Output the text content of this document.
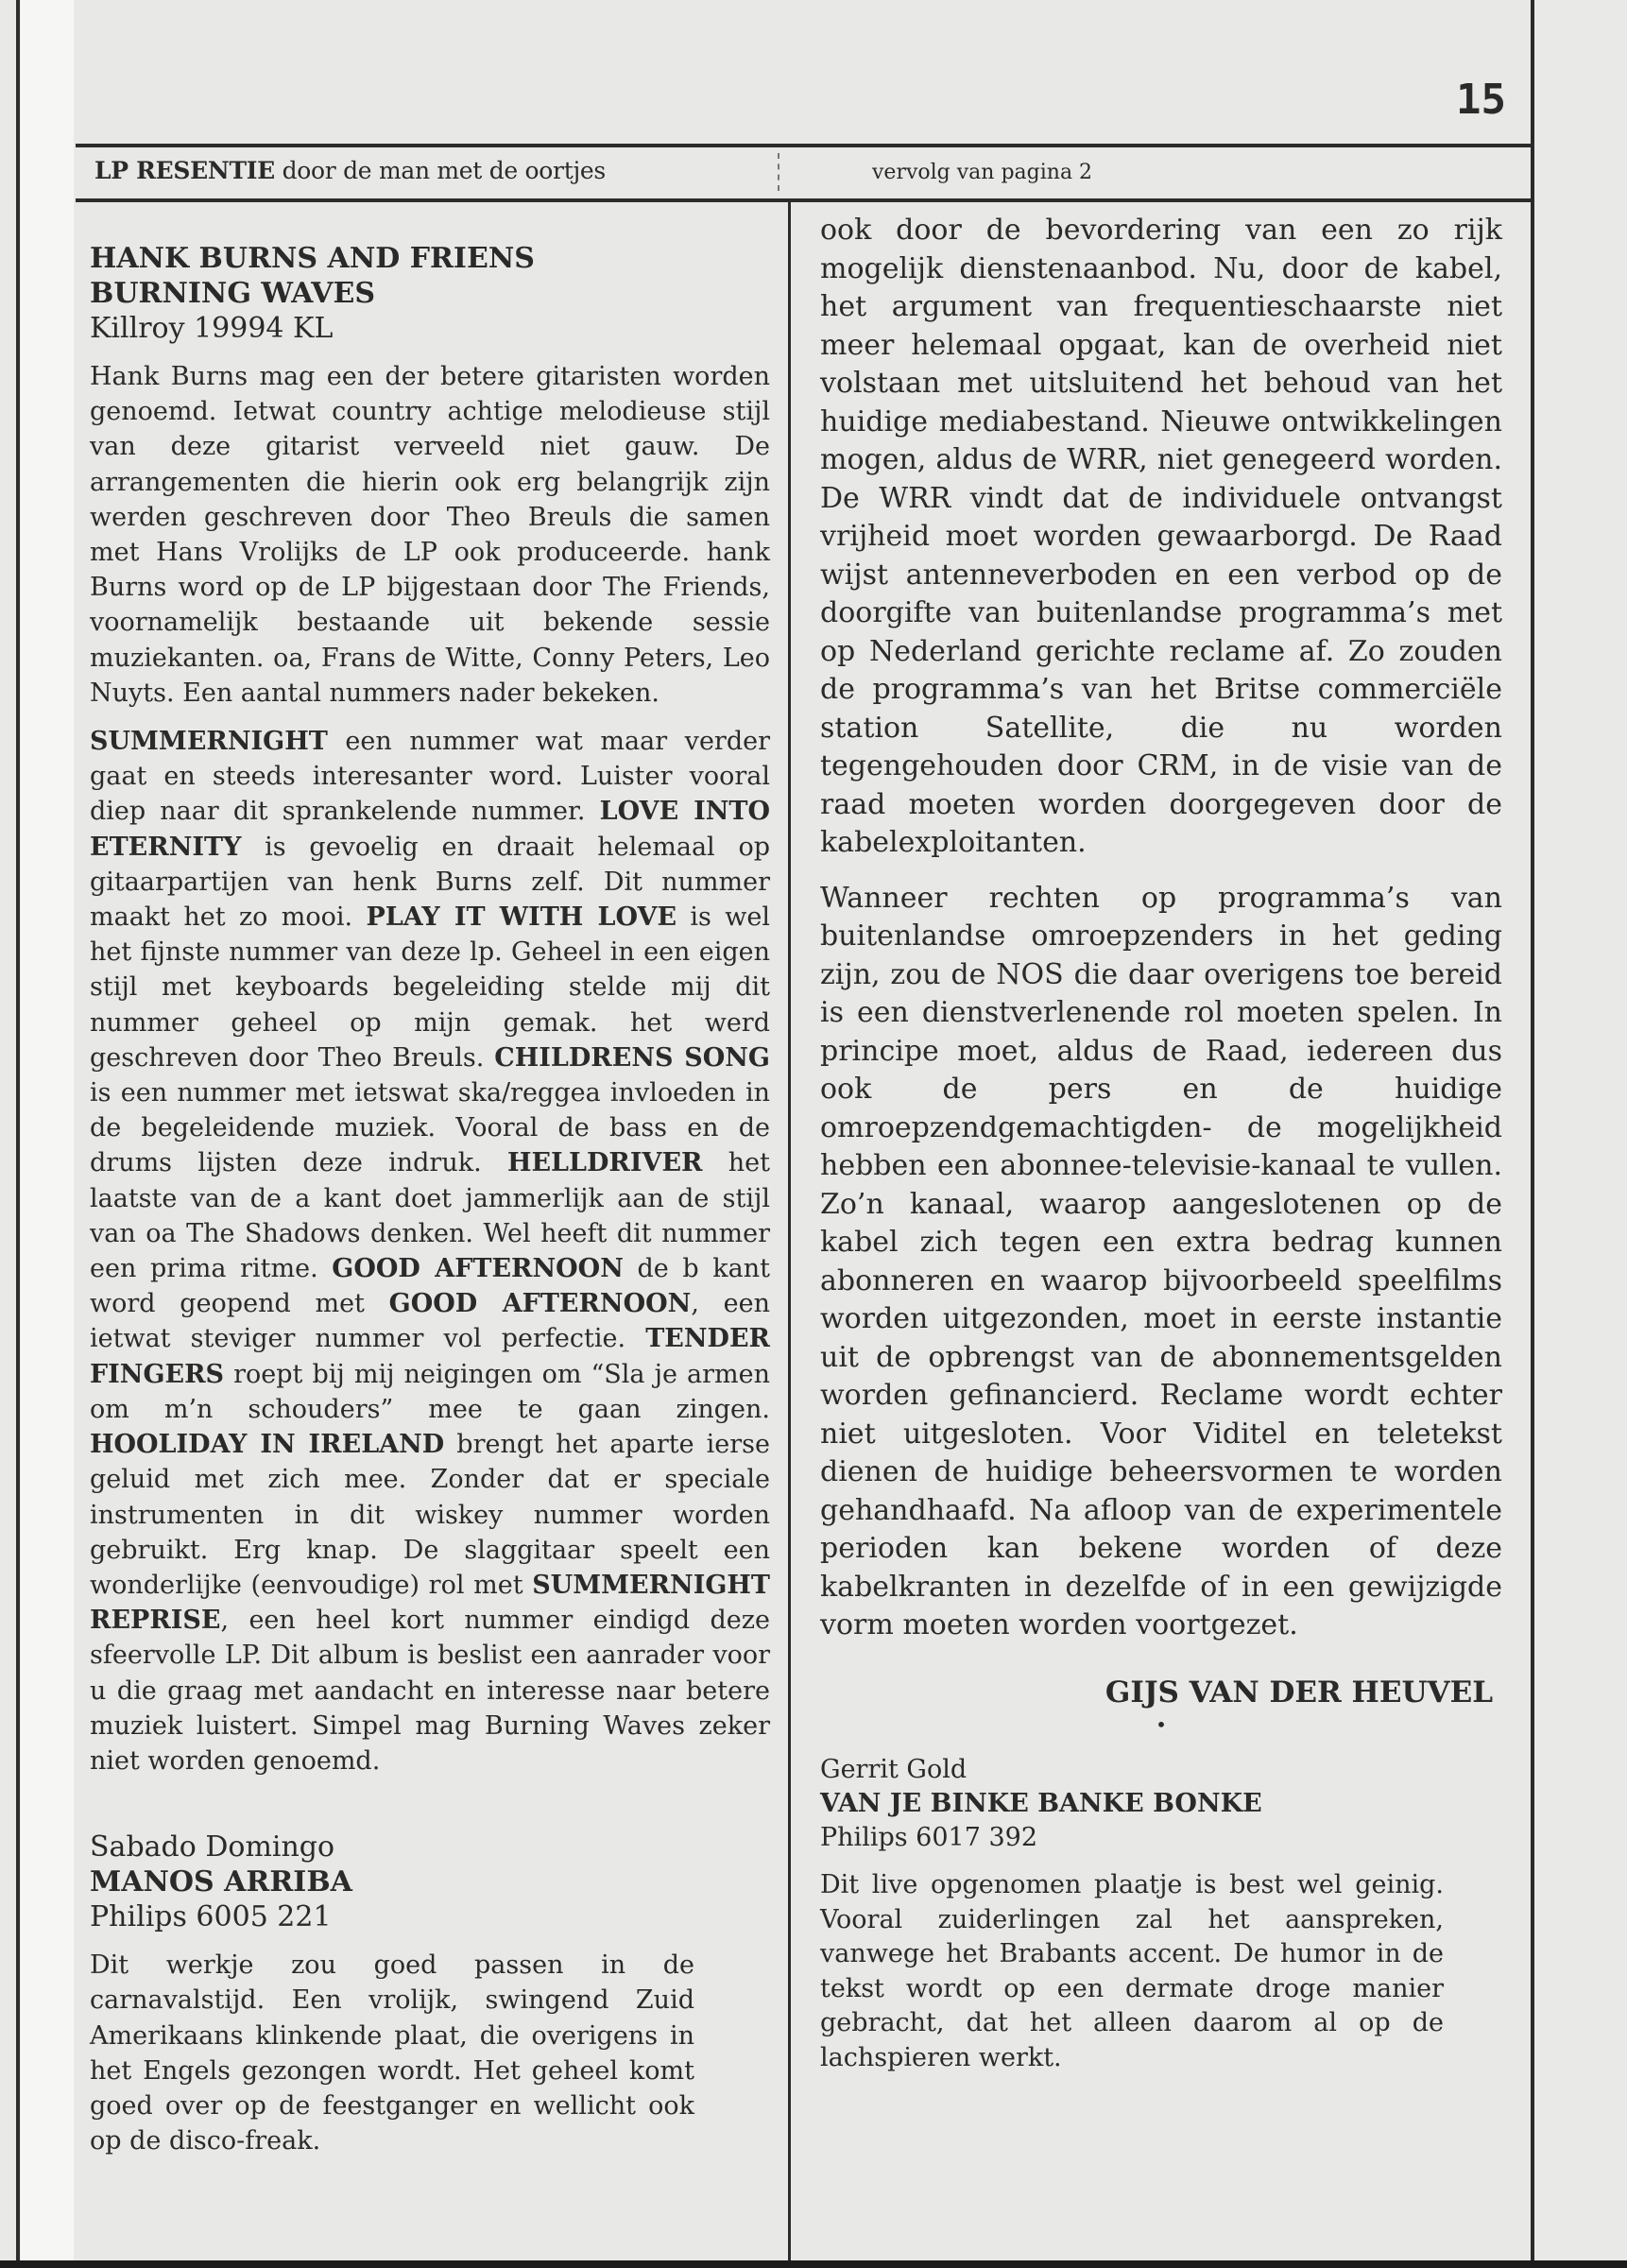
15
LP RESENTIE door de man met de oortjes	vervolg van pagina 2
HANK BURNS AND FRIENS
BURNING WAVES
Killroy 19994 KL

Hank Burns mag een der betere gitaristen worden genoemd. Ietwat country achtige melodieuse stijl van deze gitarist verveeld niet gauw. De arrangementen die hierin ook erg belangrijk zijn werden geschreven door Theo Breuls die samen met Hans Vrolijks de LP ook produceerde. hank Burns word op de LP bijgestaan door The Friends, voornamelijk bestaande uit bekende sessie muziekanten. oa, Frans de Witte, Conny Peters, Leo Nuyts. Een aantal nummers nader bekeken.

SUMMERNIGHT een nummer wat maar verder gaat en steeds interesanter word. Luister vooral diep naar dit sprankelende nummer. LOVE INTO ETERNITY is gevoelig en draait helemaal op gitaarpartijen van henk Burns zelf. Dit nummer maakt het zo mooi. PLAY IT WITH LOVE is wel het fijnste nummer van deze lp. Geheel in een eigen stijl met keyboards begeleiding stelde mij dit nummer geheel op mijn gemak. het werd geschreven door Theo Breuls. CHILDRENS SONG is een nummer met ietswat ska/reggea invloeden in de begeleidende muziek. Vooral de bass en de drums lijsten deze indruk. HELLDRIVER het laatste van de a kant doet jammerlijk aan de stijl van oa The Shadows denken. Wel heeft dit nummer een prima ritme. GOOD AFTERNOON de b kant word geopend met GOOD AFTERNOON, een ietwat steviger nummer vol perfectie. TENDER FINGERS roept bij mij neigingen om “Sla je armen om m’n schouders” mee te gaan zingen. HOOLIDAY IN IRELAND brengt het aparte ierse geluid met zich mee. Zonder dat er speciale instrumenten in dit wiskey nummer worden gebruikt. Erg knap. De slaggitaar speelt een wonderlijke (eenvoudige) rol met SUMMERNIGHT REPRISE, een heel kort nummer eindigd deze sfeervolle LP. Dit album is beslist een aanrader voor u die graag met aandacht en interesse naar betere muziek luistert. Simpel mag Burning Waves zeker niet worden genoemd.

Sabado Domingo
MANOS ARRIBA
Philips 6005 221

Dit werkje zou goed passen in de carnavalstijd. Een vrolijk, swingend Zuid Amerikaans klinkende plaat, die overigens in het Engels gezongen wordt. Het geheel komt goed over op de feestganger en wellicht ook op de disco-freak.

ook door de bevordering van een zo rijk mogelijk dienstenaanbod. Nu, door de kabel, het argument van frequentieschaarste niet meer helemaal opgaat, kan de overheid niet volstaan met uitsluitend het behoud van het huidige mediabestand. Nieuwe ontwikkelingen mogen, aldus de WRR, niet genegeerd worden. De WRR vindt dat de individuele ontvangst vrijheid moet worden gewaarborgd. De Raad wijst antenneverboden en een verbod op de doorgifte van buitenlandse programma’s met op Nederland gerichte reclame af. Zo zouden de programma’s van het Britse commerciële station Satellite, die nu worden tegengehouden door CRM, in de visie van de raad moeten worden doorgegeven door de kabelexploitanten.

Wanneer rechten op programma’s van buitenlandse omroepzenders in het geding zijn, zou de NOS die daar overigens toe bereid is een dienstverlenende rol moeten spelen. In principe moet, aldus de Raad, iedereen dus ook de pers en de huidige omroepzendgemachtigden- de mogelijkheid hebben een abonnee-televisie-kanaal te vullen. Zo’n kanaal, waarop aangeslotenen op de kabel zich tegen een extra bedrag kunnen abonneren en waarop bijvoorbeeld speelfilms worden uitgezonden, moet in eerste instantie uit de opbrengst van de abonnementsgelden worden gefinancierd. Reclame wordt echter niet uitgesloten. Voor Viditel en teletekst dienen de huidige beheersvormen te worden gehandhaafd. Na afloop van de experimentele perioden kan bekene worden of deze kabelkranten in dezelfde of in een gewijzigde vorm moeten worden voortgezet.

GIJS VAN DER HEUVEL
•
Gerrit Gold
VAN JE BINKE BANKE BONKE
Philips 6017 392

Dit live opgenomen plaatje is best wel geinig. Vooral zuiderlingen zal het aanspreken, vanwege het Brabants accent. De humor in de tekst wordt op een dermate droge manier gebracht, dat het alleen daarom al op de lachspieren werkt.
